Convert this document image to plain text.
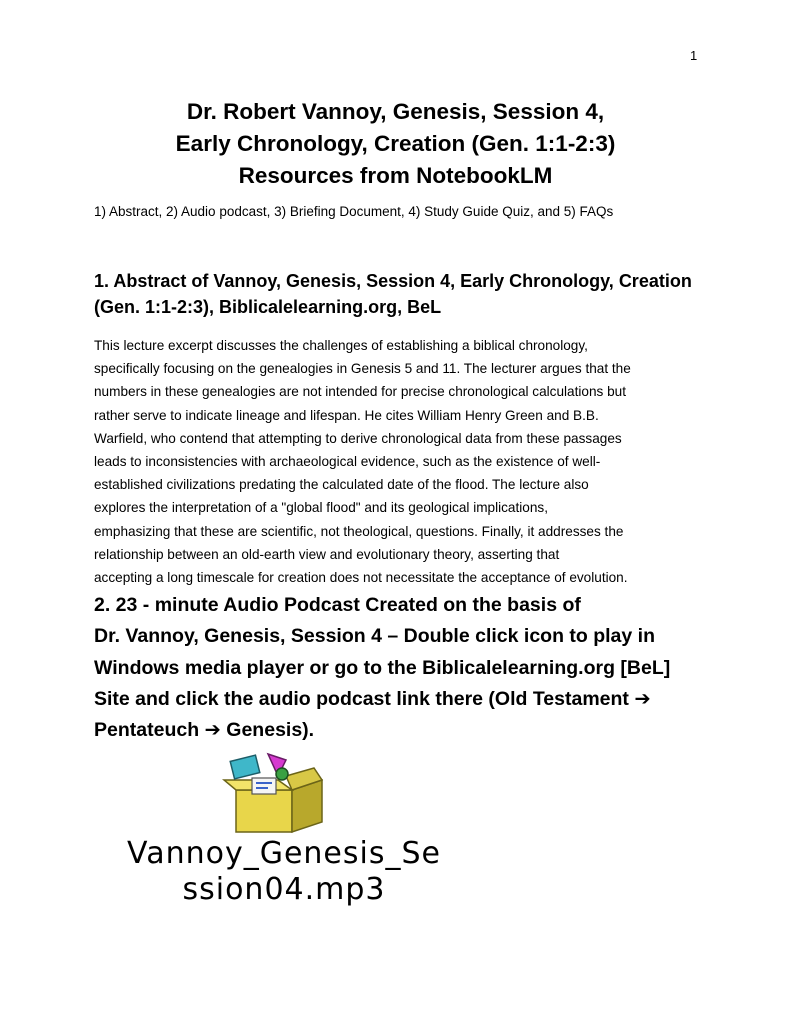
1
Dr. Robert Vannoy, Genesis, Session 4,
Early Chronology, Creation (Gen. 1:1-2:3)
Resources from NotebookLM
1) Abstract, 2) Audio podcast, 3) Briefing Document, 4) Study Guide Quiz, and 5) FAQs
1. Abstract of Vannoy, Genesis, Session 4, Early Chronology, Creation
(Gen. 1:1-2:3), Biblicalelearning.org, BeL
This lecture excerpt discusses the challenges of establishing a biblical chronology,
specifically focusing on the genealogies in Genesis 5 and 11. The lecturer argues that the
numbers in these genealogies are not intended for precise chronological calculations but
rather serve to indicate lineage and lifespan. He cites William Henry Green and B.B.
Warfield, who contend that attempting to derive chronological data from these passages
leads to inconsistencies with archaeological evidence, such as the existence of well-
established civilizations predating the calculated date of the flood. The lecture also
explores the interpretation of a "global flood" and its geological implications,
emphasizing that these are scientific, not theological, questions. Finally, it addresses the
relationship between an old-earth view and evolutionary theory, asserting that
accepting a long timescale for creation does not necessitate the acceptance of evolution.
2. 23 - minute Audio Podcast Created on the basis of
Dr. Vannoy, Genesis, Session 4 – Double click icon to play in
Windows media player or go to the Biblicalelearning.org [BeL]
Site and click the audio podcast link there (Old Testament ➔
Pentateuch ➔ Genesis).
Vannoy_Genesis_Se
ssion04.mp3
